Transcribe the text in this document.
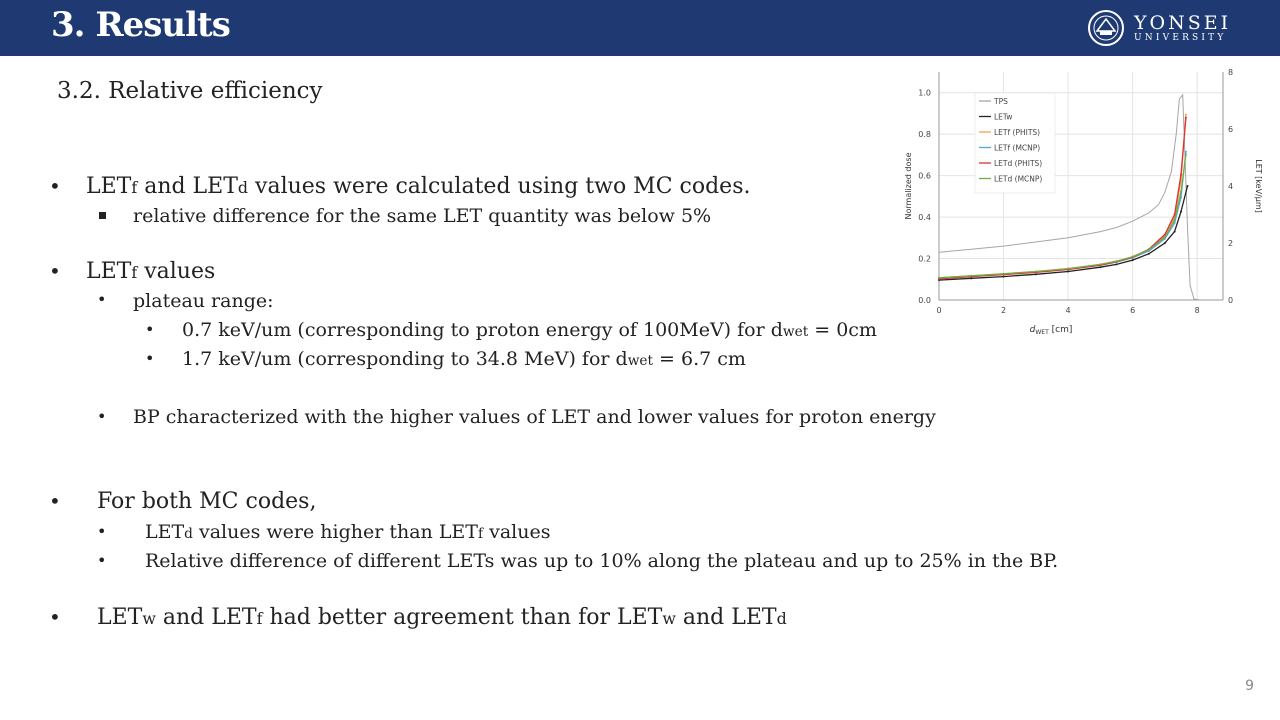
3. Results	YONSEI
UNIVERSITY
3.2. Relative efficiency
• LETf and LETd values were calculated using two MC codes.
relative difference for the same LET quantity was below 5%
• LETf values
• plateau range:
• 0.7 keV/um (corresponding to proton energy of 100MeV) for dwet = 0cm
• 1.7 keV/um (corresponding to 34.8 MeV) for dwet = 6.7 cm
• BP characterized with the higher values of LET and lower values for proton energy
• For both MC codes,
• LETd values were higher than LETf values
• Relative difference of different LETs was up to 10% along the plateau and up to 25% in the BP.
• LETw and LETf had better agreement than for LETw and LETd
0.0
0.2
0.4
0.6
0.8
1.0
0
2
4
6
8
0	2	4	6	8
Normalized dose	LET [keV/μm]
$d_{WET}$ [cm]
TPS
LETw
LETf (PHITS)
LETf (MCNP)
LETd (PHITS)
LETd (MCNP)
9
